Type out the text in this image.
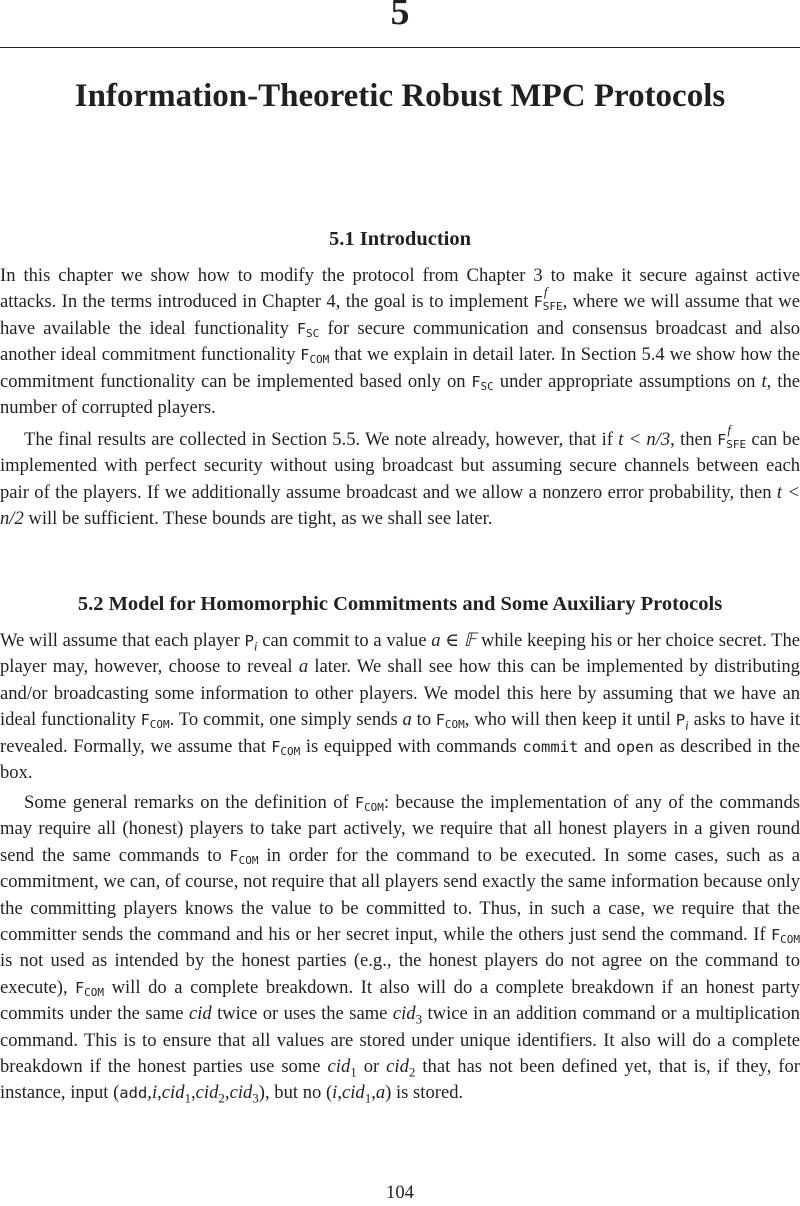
5
Information-Theoretic Robust MPC Protocols
5.1 Introduction

In this chapter we show how to modify the protocol from Chapter 3 to make it secure against active attacks. In the terms introduced in Chapter 4, the goal is to implement F
f
$_{SFE}$, where we will assume that we have available the ideal functionality $F_{SC}$ for secure communication and consensus broadcast and also another ideal commitment functionality $F_{COM}$ that we explain in detail later. In Section 5.4 we show how the commitment functionality can be implemented based only on $F_{SC}$ under appropriate assumptions on t, the number of corrupted players.

The final results are collected in Section 5.5. We note already, however, that if t < n/3, then F
f
$_{SFE}$ can be implemented with perfect security without using broadcast but assuming secure channels between each pair of the players. If we additionally assume broadcast and we allow a nonzero error probability, then t < n/2 will be sufficient. These bounds are tight, as we shall see later.

5.2 Model for Homomorphic Commitments and Some Auxiliary Protocols

We will assume that each player $P_i$ can commit to a value a ∈ 𝔽 while keeping his or her choice secret. The player may, however, choose to reveal a later. We shall see how this can be implemented by distributing and/or broadcasting some information to other players. We model this here by assuming that we have an ideal functionality $F_{COM}$. To commit, one simply sends a to $F_{COM}$, who will then keep it until $P_i$ asks to have it revealed. Formally, we assume that $F_{COM}$ is equipped with commands commit and open as described in the box.

Some general remarks on the definition of $F_{COM}$: because the implementation of any of the commands may require all (honest) players to take part actively, we require that all honest players in a given round send the same commands to $F_{COM}$ in order for the command to be executed. In some cases, such as a commitment, we can, of course, not require that all players send exactly the same information because only the committing players knows the value to be committed to. Thus, in such a case, we require that the committer sends the command and his or her secret input, while the others just send the command. If $F_{COM}$ is not used as intended by the honest parties (e.g., the honest players do not agree on the command to execute), $F_{COM}$ will do a complete breakdown. It also will do a complete breakdown if an honest party commits under the same cid twice or uses the same cid$_3$ twice in an addition command or a multiplication command. This is to ensure that all values are stored under unique identifiers. It also will do a complete breakdown if the honest parties use some cid$_1$ or cid$_2$ that has not been defined yet, that is, if they, for instance, input (add,i,cid$_1$,cid$_2$,cid$_3$), but no (i,cid$_1$,a) is stored.

104
